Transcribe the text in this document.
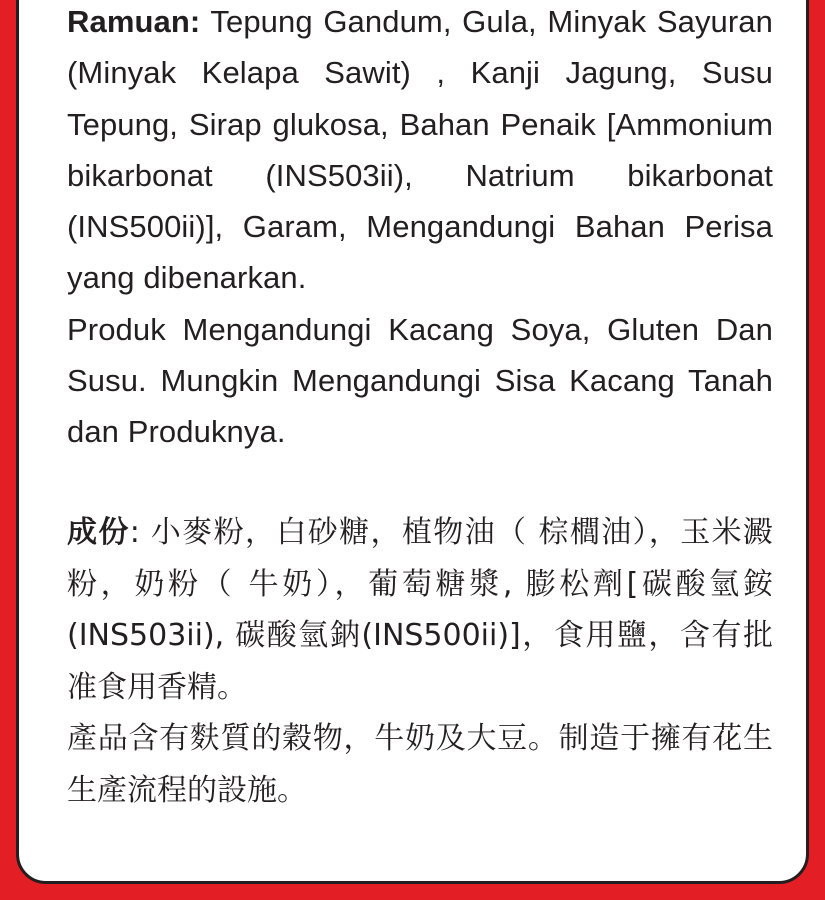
Ramuan: Tepung Gandum, Gula, Minyak Sayuran (Minyak Kelapa Sawit) , Kanji Jagung, Susu Tepung, Sirap glukosa, Bahan Penaik [Ammonium bikarbonat (INS503ii), Natrium bikarbonat (INS500ii)], Garam, Mengandungi Bahan Perisa yang dibenarkan.

Produk Mengandungi Kacang Soya, Gluten Dan Susu. Mungkin Mengandungi Sisa Kacang Tanah dan Produknya.

成份: 小麥粉，白砂糖，植物油（ 棕櫚油），玉米澱粉，奶粉（ 牛奶），葡萄糖漿, 膨松劑[碳酸氫銨(INS503ii), 碳酸氫鈉(INS500ii)]，食用鹽，含有批准食用香精。

產品含有麩質的穀物，牛奶及大豆。制造于擁有花生生產流程的設施。
